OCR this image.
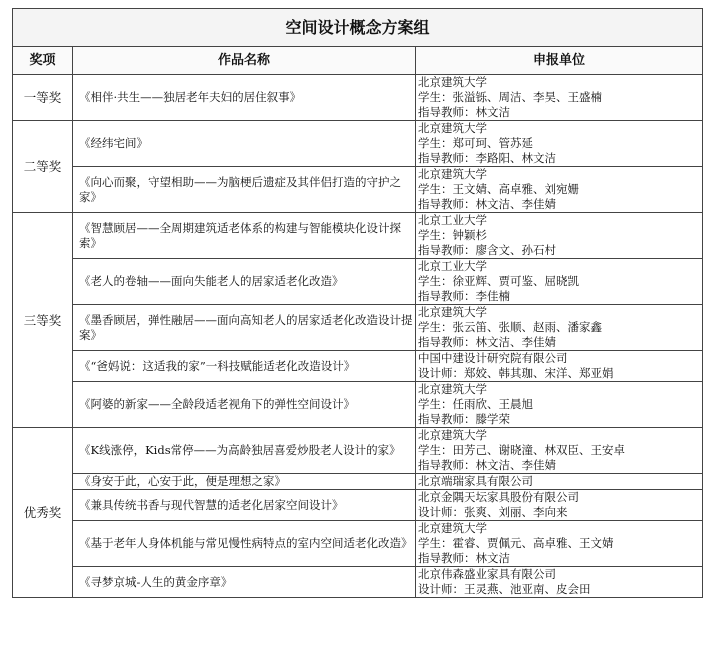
空间设计概念方案组		
奖项	作品名称	申报单位
一等奖	《相伴·共生——独居老年夫妇的居住叙事》	北京建筑大学
学生：张溢铄、周洁、李昊、王盛楠
指导教师：林文洁

二等奖	《经纬宅间》	北京建筑大学
学生：郑可珂、管苏延
指导教师：李路阳、林文洁

	《向心而聚，守望相助——为脑梗后遗症及其伴侣打造的守护之家》	北京建筑大学
学生：王文婧、高卓雅、刘宛姗
指导教师：林文洁、李佳婧

三等奖	《智慧顾居——全周期建筑适老体系的构建与智能模块化设计探索》	北京工业大学
学生：钟颖杉
指导教师：廖含文、孙石村

	《老人的卷轴——面向失能老人的居家适老化改造》	北京工业大学
学生：徐亚辉、贾可鉴、屈晓凯
指导教师：李佳楠

	《墨香顾居，弹性融居——面向高知老人的居家适老化改造设计提案》	北京建筑大学
学生：张云笛、张顺、赵雨、潘家鑫
指导教师：林文洁、李佳婧

	《“爸妈说：这适我的家”一科技赋能适老化改造设计》	中国中建设计研究院有限公司
设计师：郑姣、韩其珈、宋洋、郑亚娟

	《阿婆的新家——全龄段适老视角下的弹性空间设计》	北京建筑大学
学生：任雨欣、王晨旭
指导教师：滕学荣

优秀奖	《K线涨停，Kids常停——为高龄独居喜爱炒股老人设计的家》	北京建筑大学
学生：田芳己、谢晓潼、林双臣、王安卓
指导教师：林文洁、李佳婧

	《身安于此，心安于此，便是理想之家》	北京端瑞家具有限公司

	《兼具传统书香与现代智慧的适老化居家空间设计》	北京金隅天坛家具股份有限公司
设计师：张爽、刘丽、李向来

	《基于老年人身体机能与常见慢性病特点的室内空间适老化改造》	北京建筑大学
学生：霍睿、贾佩元、高卓雅、王文婧
指导教师：林文洁

	《寻梦京城-人生的黄金序章》	北京伟森盛业家具有限公司
设计师：王灵燕、池亚南、皮会田
